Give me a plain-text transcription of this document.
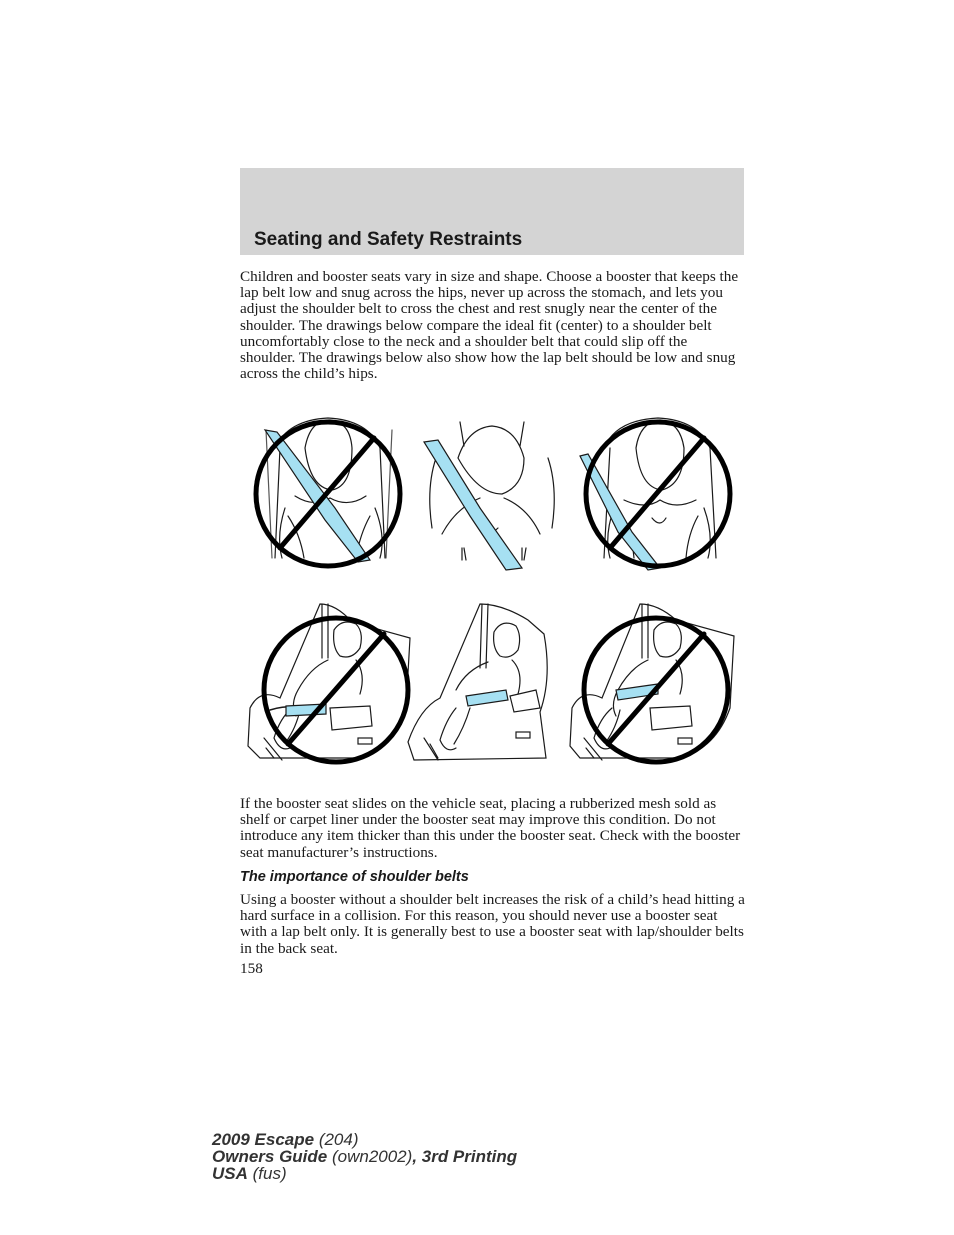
Seating and Safety Restraints

Children and booster seats vary in size and shape. Choose a booster that keeps the lap belt low and snug across the hips, never up across the stomach, and lets you adjust the shoulder belt to cross the chest and rest snugly near the center of the shoulder. The drawings below compare the ideal fit (center) to a shoulder belt uncomfortably close to the neck and a shoulder belt that could slip off the shoulder. The drawings below also show how the lap belt should be low and snug across the child’s hips.

If the booster seat slides on the vehicle seat, placing a rubberized mesh sold as shelf or carpet liner under the booster seat may improve this condition. Do not introduce any item thicker than this under the booster seat. Check with the booster seat manufacturer’s instructions.

The importance of shoulder belts

Using a booster without a shoulder belt increases the risk of a child’s head hitting a hard surface in a collision. For this reason, you should never use a booster seat with a lap belt only. It is generally best to use a booster seat with lap/shoulder belts in the back seat.

158
2009 Escape (204)
Owners Guide (own2002), 3rd Printing
USA (fus)
